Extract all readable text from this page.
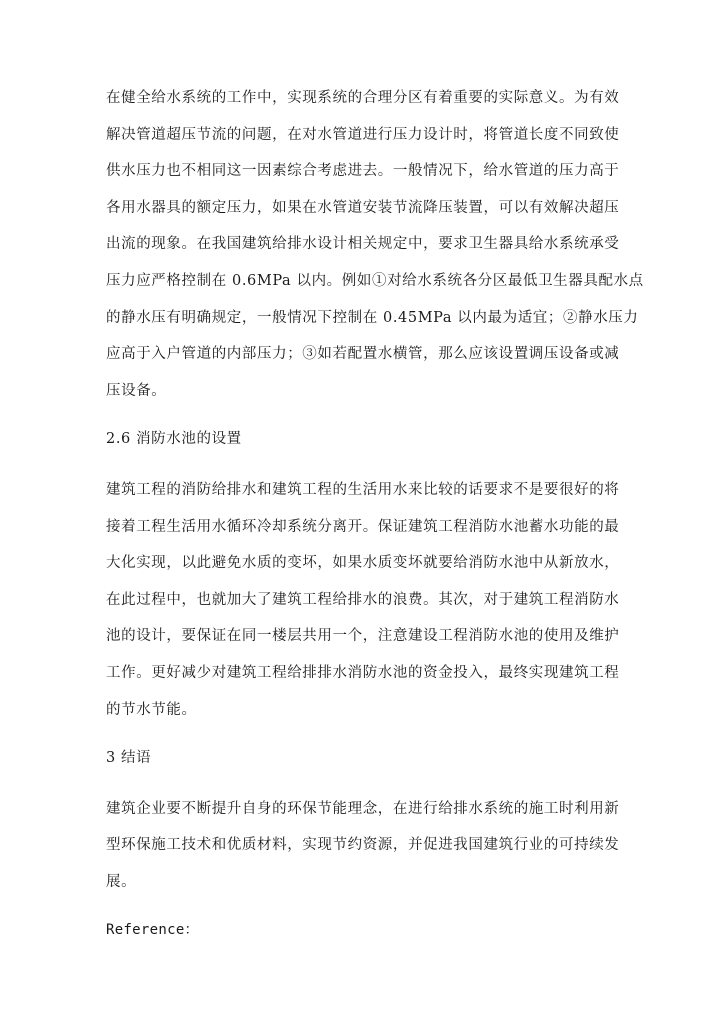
在健全给水系统的工作中，实现系统的合理分区有着重要的实际意义。为有效
解决管道超压节流的问题，在对水管道进行压力设计时，将管道长度不同致使
供水压力也不相同这一因素综合考虑进去。一般情况下，给水管道的压力高于
各用水器具的额定压力，如果在水管道安装节流降压装置，可以有效解决超压
出流的现象。在我国建筑给排水设计相关规定中，要求卫生器具给水系统承受
压力应严格控制在 0.6MPa 以内。例如①对给水系统各分区最低卫生器具配水点
的静水压有明确规定，一般情况下控制在 0.45MPa 以内最为适宜；②静水压力
应高于入户管道的内部压力；③如若配置水横管，那么应该设置调压设备或减
压设备。

2.6 消防水池的设置

建筑工程的消防给排水和建筑工程的生活用水来比较的话要求不是要很好的将
接着工程生活用水循环冷却系统分离开。保证建筑工程消防水池蓄水功能的最
大化实现，以此避免水质的变坏，如果水质变坏就要给消防水池中从新放水，
在此过程中，也就加大了建筑工程给排水的浪费。其次，对于建筑工程消防水
池的设计，要保证在同一楼层共用一个，注意建设工程消防水池的使用及维护
工作。更好减少对建筑工程给排排水消防水池的资金投入，最终实现建筑工程
的节水节能。

3 结语

建筑企业要不断提升自身的环保节能理念，在进行给排水系统的施工时利用新
型环保施工技术和优质材料，实现节约资源，并促进我国建筑行业的可持续发
展。

Reference：
